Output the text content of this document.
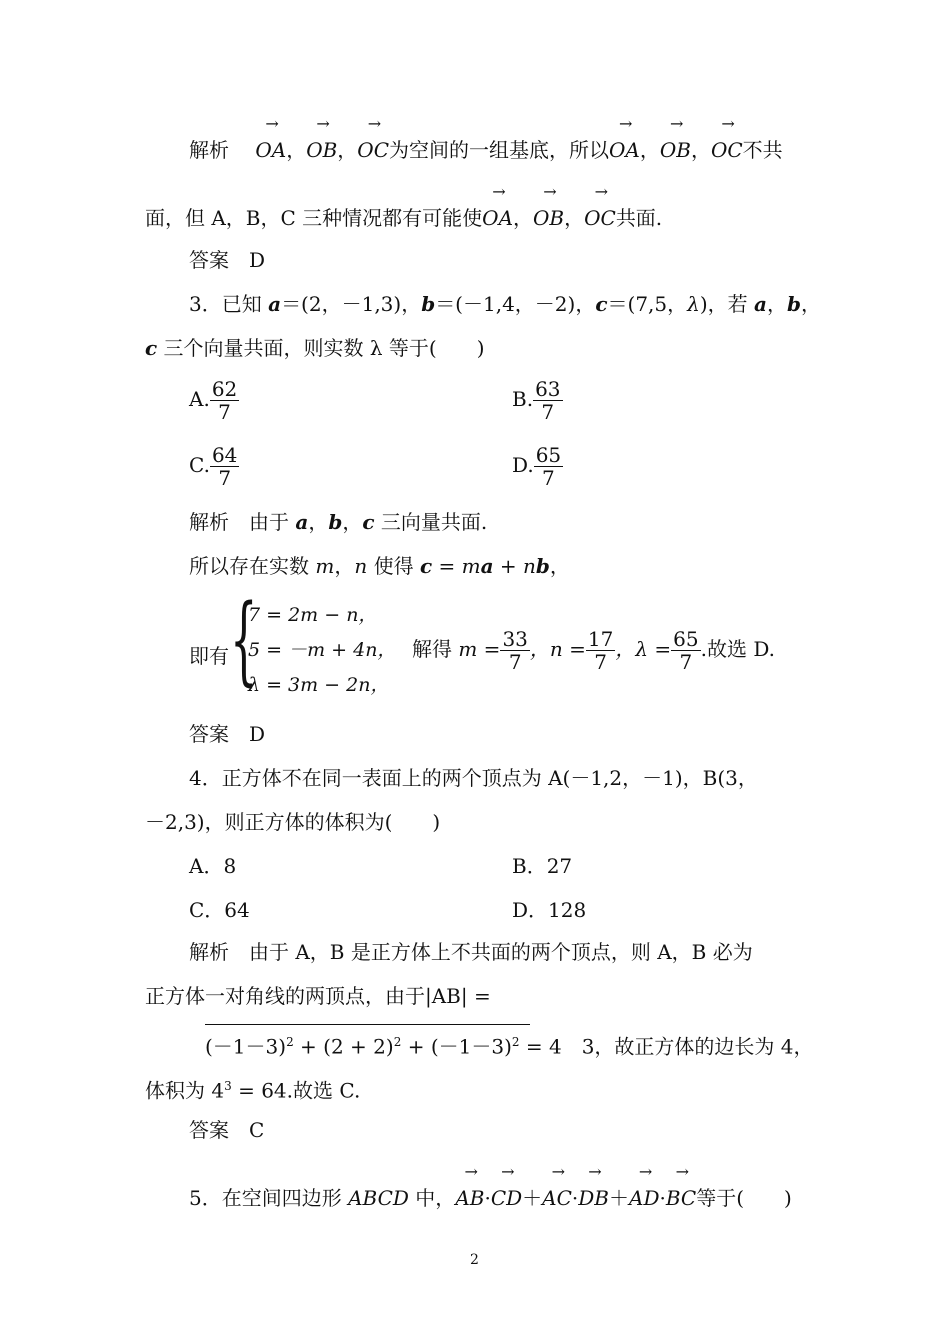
解析　 → OA，→ OB，→ OC为空间的一组基底，所以→ OA，→ OB，→ OC不共
面，但 A，B，C 三种情况都有可能使→ OA，→ OB，→ OC共面.
答案　 D
3．已知 a＝(2，－1,3)，b＝(－1,4，－2)，c＝(7,5，λ)，若 a，b，
c 三个向量共面，则实数 λ 等于(　　)
A. $\frac{62}{7}$	B. $\frac{63}{7}$
C. $\frac{64}{7}$	D. $\frac{65}{7}$
解析　 由于 a，b，c 三向量共面.
所以存在实数 m，n 使得 c = ma + nb，
即有 {
7 = 2m − n，
5 = －m + 4n，
λ = 3m − 2n，
解得 $m = \frac{33}{7}$ ，$n = \frac{17}{7}$ ，$\lambda = \frac{65}{7}$ .故选 D.
答案　 D
4．正方体不在同一表面上的两个顶点为 A(－1,2，－1)，B(3，
－2,3)，则正方体的体积为(　　)
A．8	B．27
C．64	D．128
解析　 由于 A，B 是正方体上不共面的两个顶点，则 A，B 必为
正方体一对角线的两顶点，由于|AB| =
$(-1-3)^2 + (2 + 2)^2 + (-1-3)^2 = 4$　3，故正方体的边长为 4，
体积为 $4^3 = 64$.故选 C.
答案　 C
5．在空间四边形 ABCD 中，→ AB·→ CD＋→ AC·→ DB＋→ AD·→ BC等于(　　)
2
